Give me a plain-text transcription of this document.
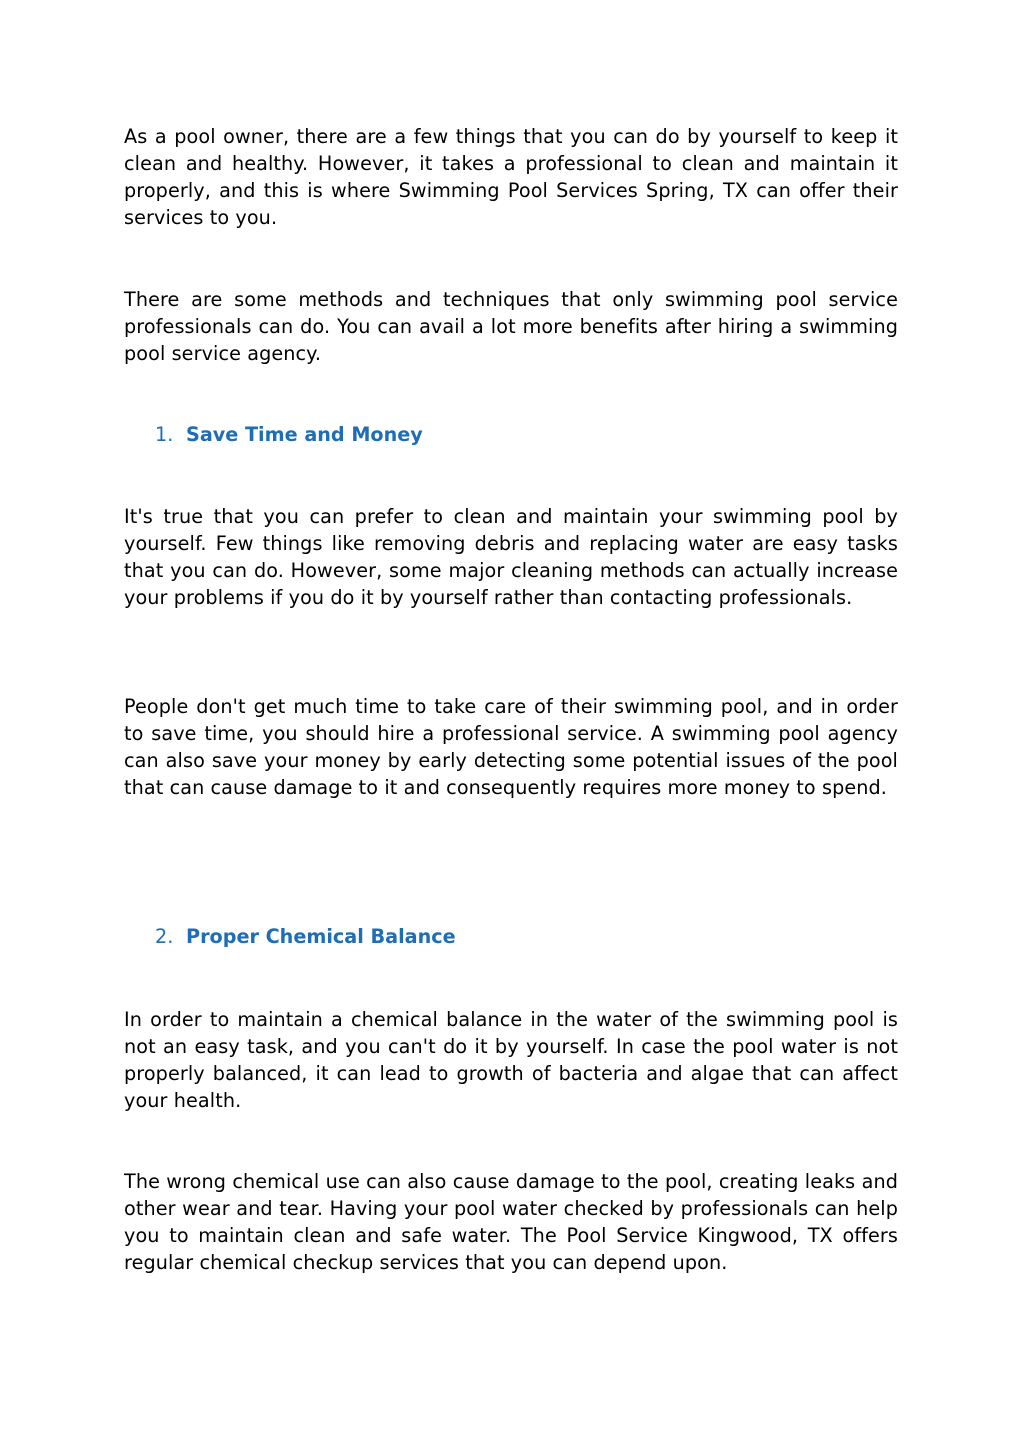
As a pool owner, there are a few things that you can do by yourself to keep it clean and healthy. However, it takes a professional to clean and maintain it properly, and this is where Swimming Pool Services Spring, TX can offer their services to you.

There are some methods and techniques that only swimming pool service professionals can do. You can avail a lot more benefits after hiring a swimming pool service agency.

1. Save Time and Money

It's true that you can prefer to clean and maintain your swimming pool by yourself. Few things like removing debris and replacing water are easy tasks that you can do. However, some major cleaning methods can actually increase your problems if you do it by yourself rather than contacting professionals.

People don't get much time to take care of their swimming pool, and in order to save time, you should hire a professional service. A swimming pool agency can also save your money by early detecting some potential issues of the pool that can cause damage to it and consequently requires more money to spend.

2. Proper Chemical Balance

In order to maintain a chemical balance in the water of the swimming pool is not an easy task, and you can't do it by yourself. In case the pool water is not properly balanced, it can lead to growth of bacteria and algae that can affect your health.

The wrong chemical use can also cause damage to the pool, creating leaks and other wear and tear. Having your pool water checked by professionals can help you to maintain clean and safe water. The Pool Service Kingwood, TX offers regular chemical checkup services that you can depend upon.
